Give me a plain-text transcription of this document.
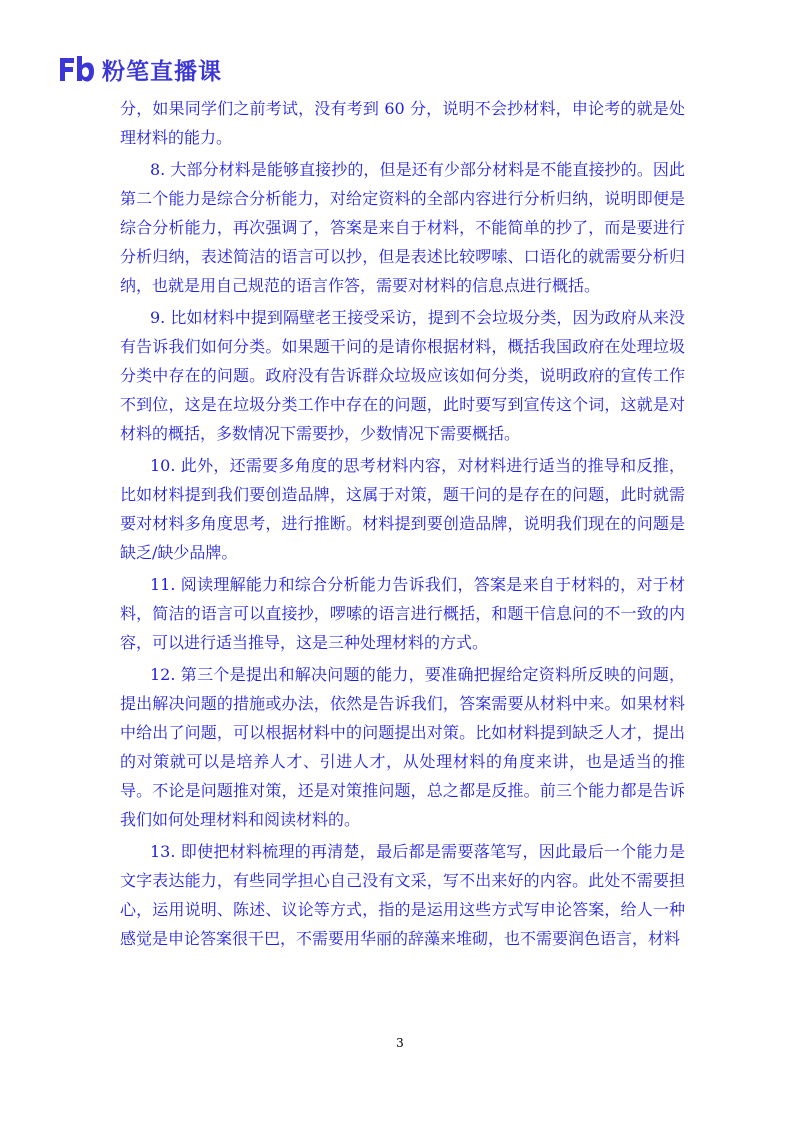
粉笔直播课

分，如果同学们之前考试，没有考到 60 分，说明不会抄材料，申论考的就是处理材料的能力。

8. 大部分材料是能够直接抄的，但是还有少部分材料是不能直接抄的。因此第二个能力是综合分析能力，对给定资料的全部内容进行分析归纳，说明即便是综合分析能力，再次强调了，答案是来自于材料，不能简单的抄了，而是要进行分析归纳，表述简洁的语言可以抄，但是表述比较啰嗦、口语化的就需要分析归纳，也就是用自己规范的语言作答，需要对材料的信息点进行概括。

9. 比如材料中提到隔壁老王接受采访，提到不会垃圾分类，因为政府从来没有告诉我们如何分类。如果题干问的是请你根据材料，概括我国政府在处理垃圾分类中存在的问题。政府没有告诉群众垃圾应该如何分类，说明政府的宣传工作不到位，这是在垃圾分类工作中存在的问题，此时要写到宣传这个词，这就是对材料的概括，多数情况下需要抄，少数情况下需要概括。

10. 此外，还需要多角度的思考材料内容，对材料进行适当的推导和反推，比如材料提到我们要创造品牌，这属于对策，题干问的是存在的问题，此时就需要对材料多角度思考，进行推断。材料提到要创造品牌，说明我们现在的问题是缺乏/缺少品牌。

11. 阅读理解能力和综合分析能力告诉我们，答案是来自于材料的，对于材料，简洁的语言可以直接抄，啰嗦的语言进行概括，和题干信息问的不一致的内容，可以进行适当推导，这是三种处理材料的方式。

12. 第三个是提出和解决问题的能力，要准确把握给定资料所反映的问题，提出解决问题的措施或办法，依然是告诉我们，答案需要从材料中来。如果材料中给出了问题，可以根据材料中的问题提出对策。比如材料提到缺乏人才，提出的对策就可以是培养人才、引进人才，从处理材料的角度来讲，也是适当的推导。不论是问题推对策，还是对策推问题，总之都是反推。前三个能力都是告诉我们如何处理材料和阅读材料的。

13. 即使把材料梳理的再清楚，最后都是需要落笔写，因此最后一个能力是文字表达能力，有些同学担心自己没有文采，写不出来好的内容。此处不需要担心，运用说明、陈述、议论等方式，指的是运用这些方式写申论答案，给人一种感觉是申论答案很干巴，不需要用华丽的辞藻来堆砌，也不需要润色语言，材料

3
